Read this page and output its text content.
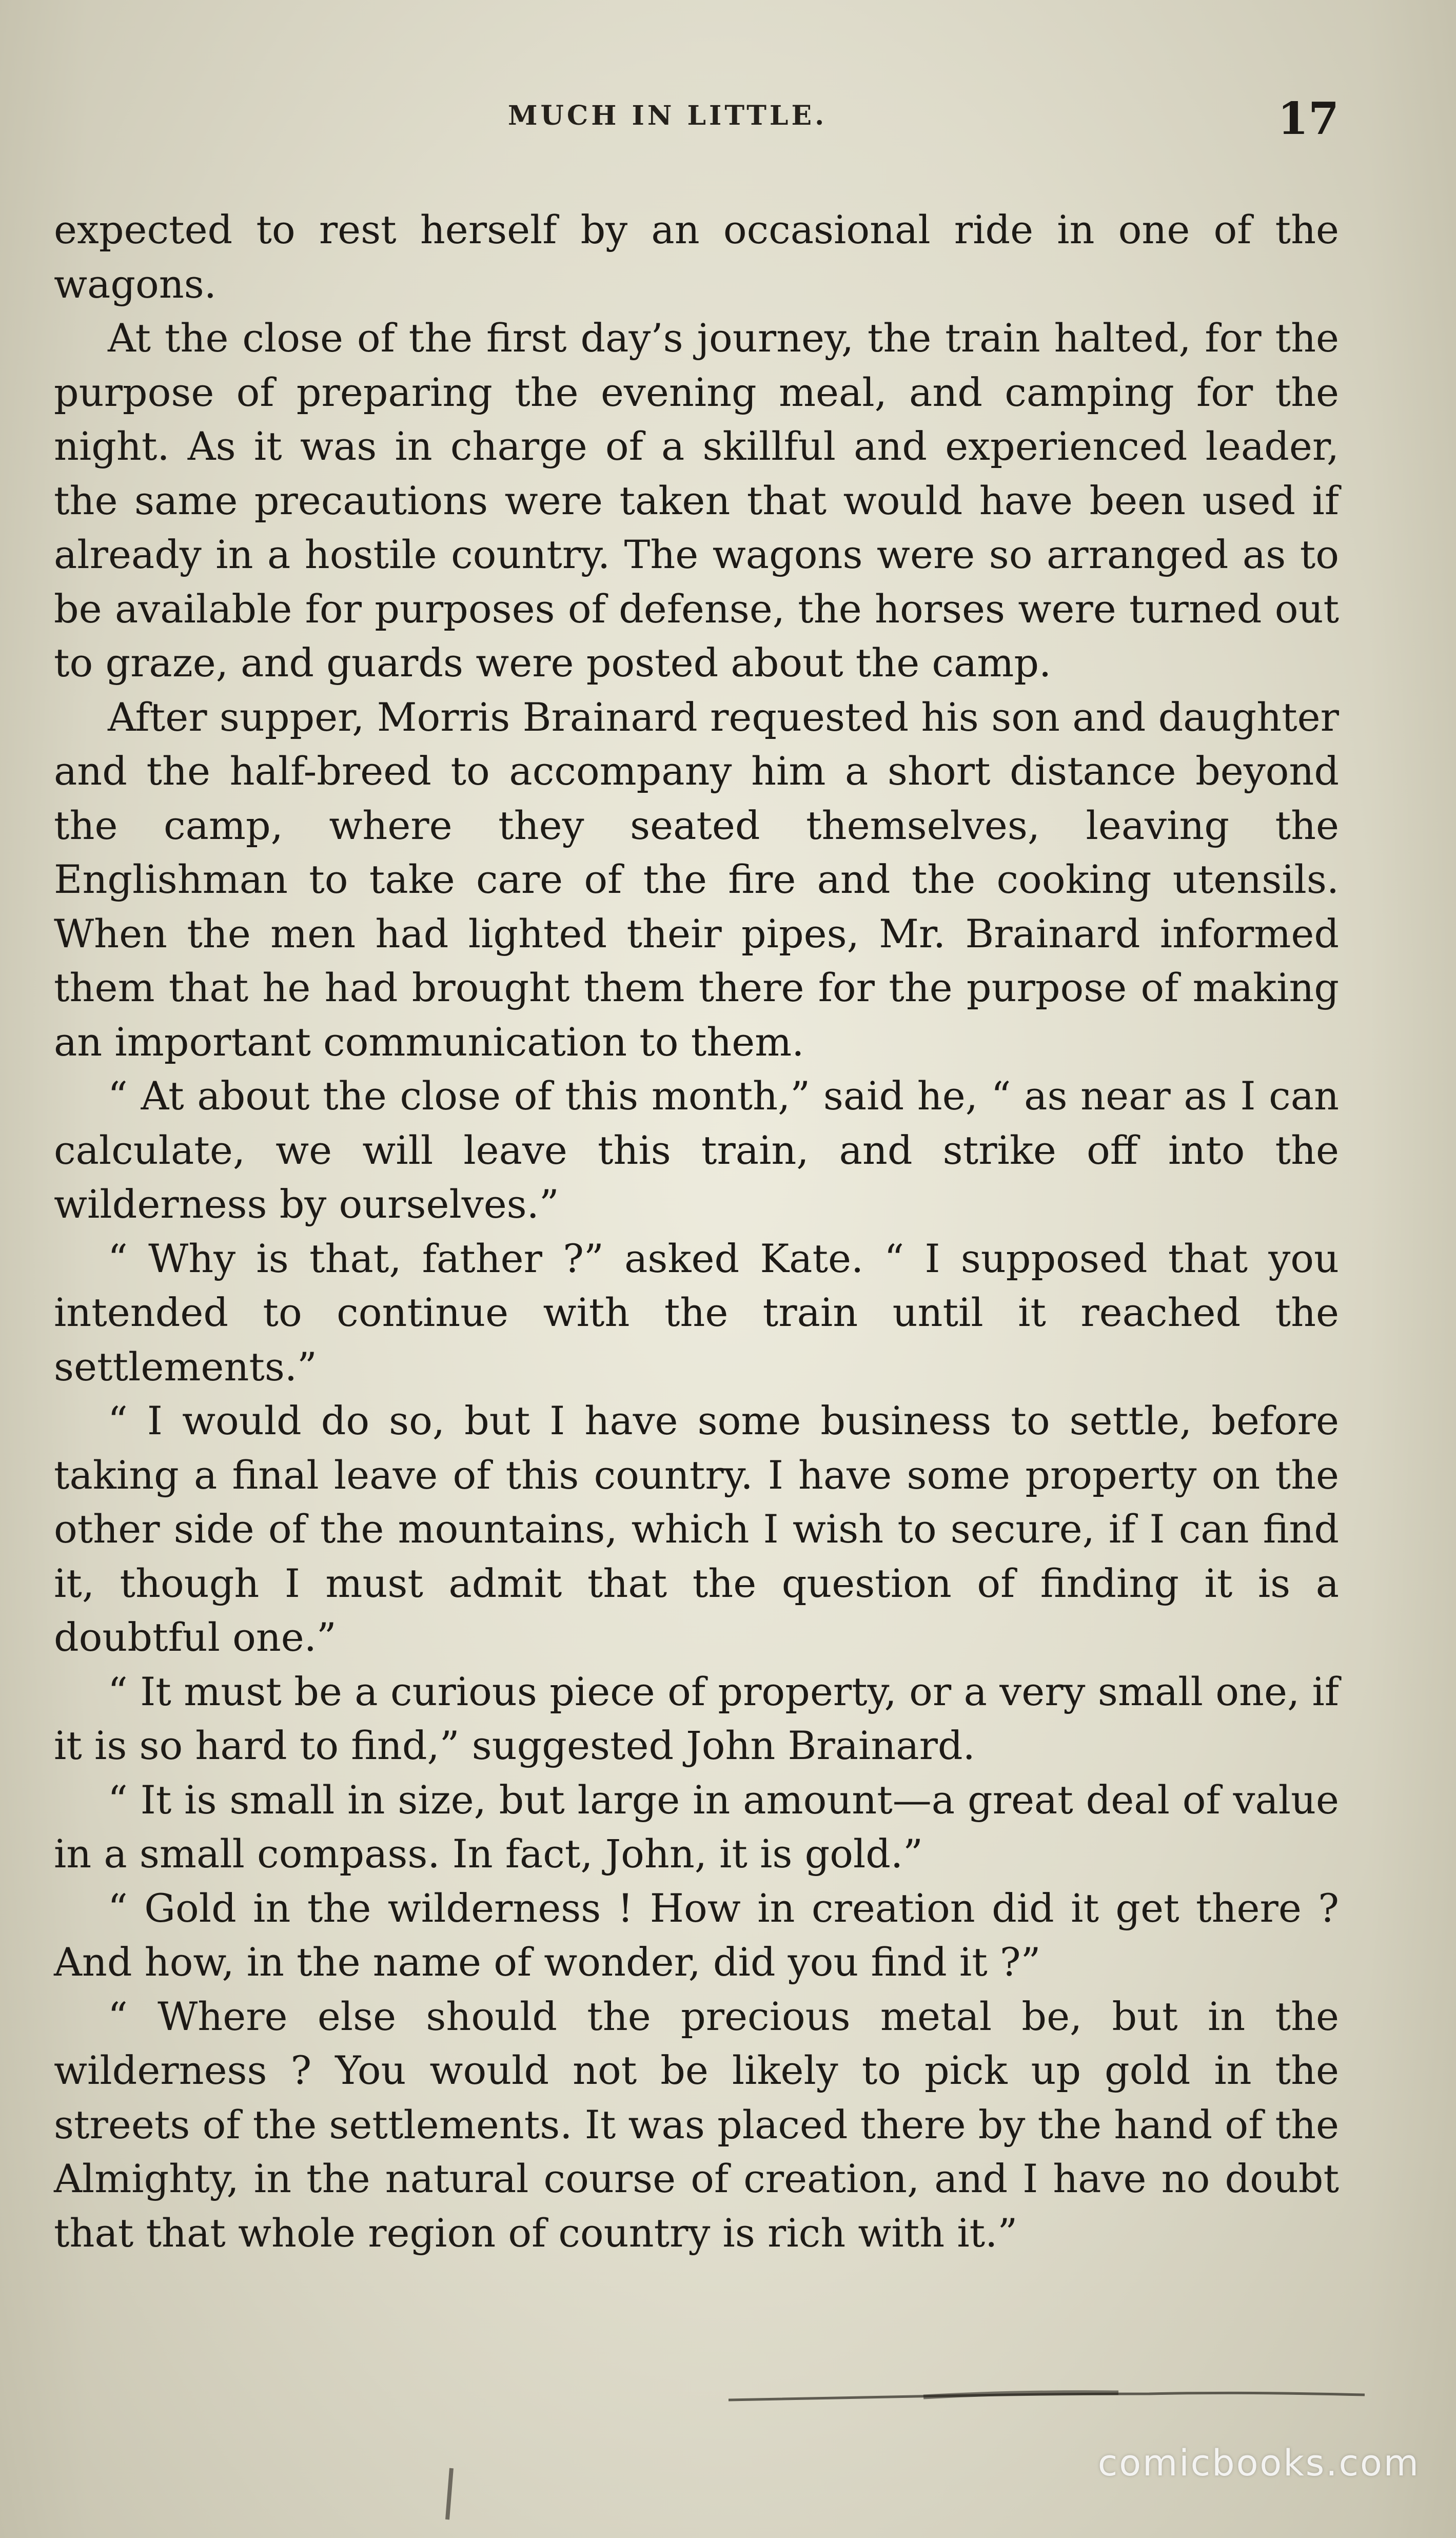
MUCH IN LITTLE.	17

expected to rest herself by an occasional ride in one of the wagons.

At the close of the first day’s journey, the train halted, for the purpose of preparing the evening meal, and camping for the night. As it was in charge of a skillful and experienced leader, the same precautions were taken that would have been used if already in a hostile country. The wagons were so arranged as to be available for purposes of defense, the horses were turned out to graze, and guards were posted about the camp.

After supper, Morris Brainard requested his son and daughter and the half-breed to accompany him a short distance beyond the camp, where they seated themselves, leaving the Englishman to take care of the fire and the cooking utensils. When the men had lighted their pipes, Mr. Brainard informed them that he had brought them there for the purpose of making an important communication to them.

“ At about the close of this month,” said he, “ as near as I can calculate, we will leave this train, and strike off into the wilderness by ourselves.”

“ Why is that, father ?” asked Kate. “ I supposed that you intended to continue with the train until it reached the settlements.”

“ I would do so, but I have some business to settle, before taking a final leave of this country. I have some property on the other side of the mountains, which I wish to secure, if I can find it, though I must admit that the question of finding it is a doubtful one.”

“ It must be a curious piece of property, or a very small one, if it is so hard to find,” suggested John Brainard.

“ It is small in size, but large in amount—a great deal of value in a small compass. In fact, John, it is gold.”

“ Gold in the wilderness ! How in creation did it get there ? And how, in the name of wonder, did you find it ?”

“ Where else should the precious metal be, but in the wilderness ? You would not be likely to pick up gold in the streets of the settlements. It was placed there by the hand of the Almighty, in the natural course of creation, and I have no doubt that that whole region of country is rich with it.”

comicbooks.com
